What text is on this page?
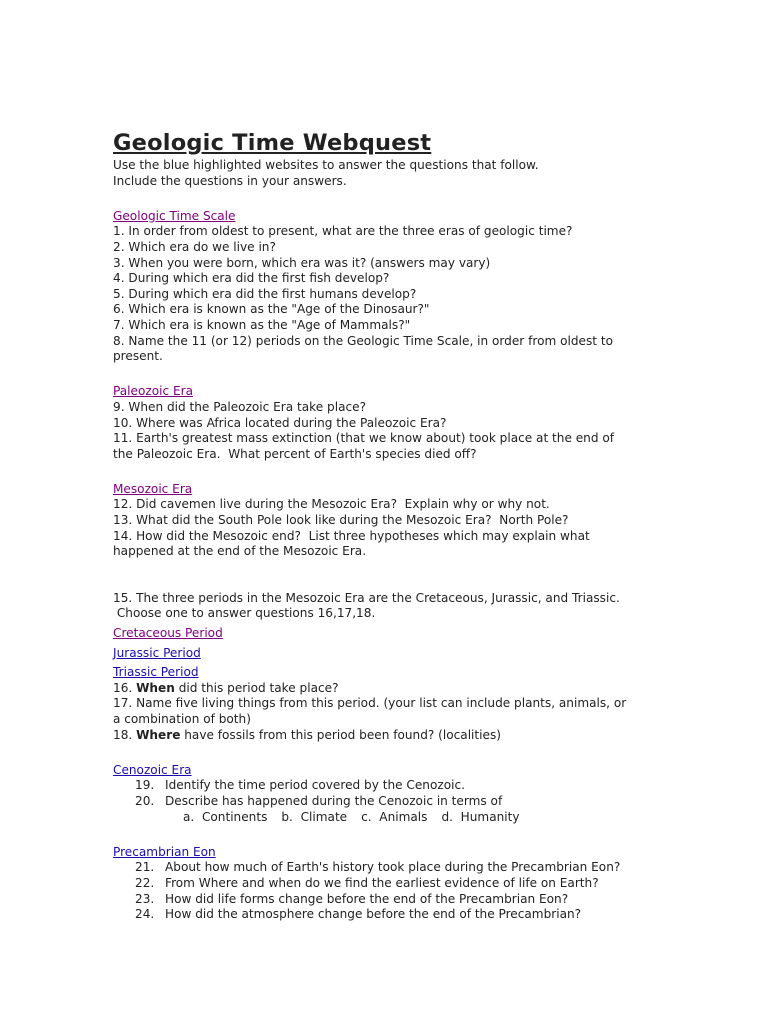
Geologic Time Webquest
Use the blue highlighted websites to answer the questions that follow.
Include the questions in your answers.
Geologic Time Scale
1. In order from oldest to present, what are the three eras of geologic time?
2. Which era do we live in?
3. When you were born, which era was it? (answers may vary)
4. During which era did the first fish develop?
5. During which era did the first humans develop?
6. Which era is known as the "Age of the Dinosaur?"
7. Which era is known as the "Age of Mammals?"
8. Name the 11 (or 12) periods on the Geologic Time Scale, in order from oldest to
present.
Paleozoic Era
9. When did the Paleozoic Era take place?
10. Where was Africa located during the Paleozoic Era?
11. Earth's greatest mass extinction (that we know about) took place at the end of
the Paleozoic Era.  What percent of Earth's species died off?
Mesozoic Era
12. Did cavemen live during the Mesozoic Era?  Explain why or why not.
13. What did the South Pole look like during the Mesozoic Era?  North Pole?
14. How did the Mesozoic end?  List three hypotheses which may explain what
happened at the end of the Mesozoic Era.
15. The three periods in the Mesozoic Era are the Cretaceous, Jurassic, and Triassic.
Choose one to answer questions 16,17,18.
Cretaceous Period
Jurassic Period
Triassic Period
16. When did this period take place?
17. Name five living things from this period. (your list can include plants, animals, or
a combination of both)
18. Where have fossils from this period been found? (localities)
Cenozoic Era
19. Identify the time period covered by the Cenozoic.
20. Describe has happened during the Cenozoic in terms of
a.  Continents b.  Climate c.  Animals d.  Humanity
Precambrian Eon
21. About how much of Earth's history took place during the Precambrian Eon?
22. From Where and when do we find the earliest evidence of life on Earth?
23. How did life forms change before the end of the Precambrian Eon?
24. How did the atmosphere change before the end of the Precambrian?
